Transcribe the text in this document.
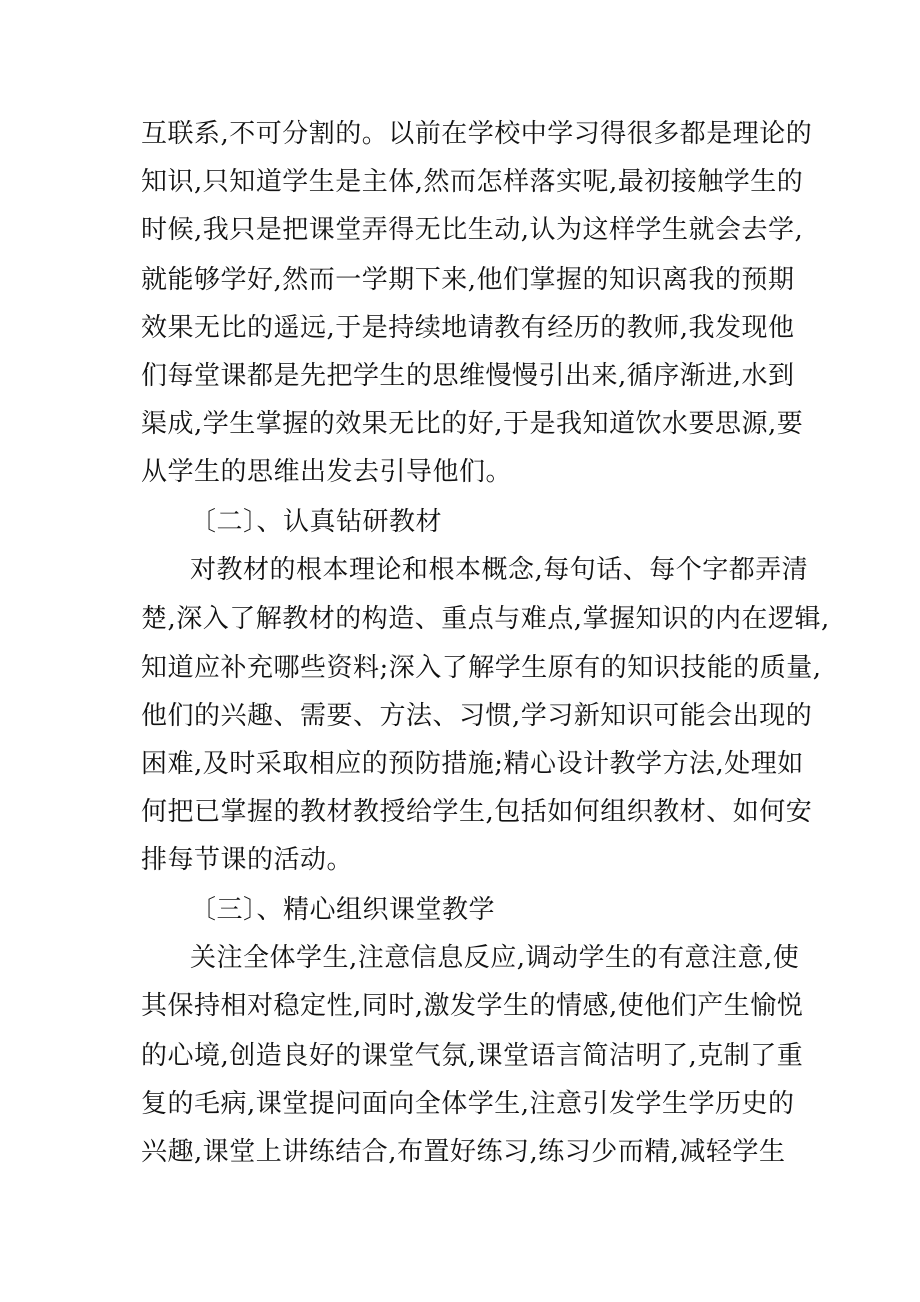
互联系,不可分割的。以前在学校中学习得很多都是理论的
知识,只知道学生是主体,然而怎样落实呢,最初接触学生的
时候,我只是把课堂弄得无比生动,认为这样学生就会去学,
就能够学好,然而一学期下来,他们掌握的知识离我的预期
效果无比的遥远,于是持续地请教有经历的教师,我发现他
们每堂课都是先把学生的思维慢慢引出来,循序渐进,水到
渠成,学生掌握的效果无比的好,于是我知道饮水要思源,要
从学生的思维出发去引导他们。
〔二〕、认真钻研教材
对教材的根本理论和根本概念,每句话、每个字都弄清
楚,深入了解教材的构造、重点与难点,掌握知识的内在逻辑,
知道应补充哪些资料;深入了解学生原有的知识技能的质量,
他们的兴趣、需要、方法、习惯,学习新知识可能会出现的
困难,及时采取相应的预防措施;精心设计教学方法,处理如
何把已掌握的教材教授给学生,包括如何组织教材、如何安
排每节课的活动。
〔三〕、精心组织课堂教学
关注全体学生,注意信息反应,调动学生的有意注意,使
其保持相对稳定性,同时,激发学生的情感,使他们产生愉悦
的心境,创造良好的课堂气氛,课堂语言简洁明了,克制了重
复的毛病,课堂提问面向全体学生,注意引发学生学历史的
兴趣,课堂上讲练结合,布置好练习,练习少而精,减轻学生
